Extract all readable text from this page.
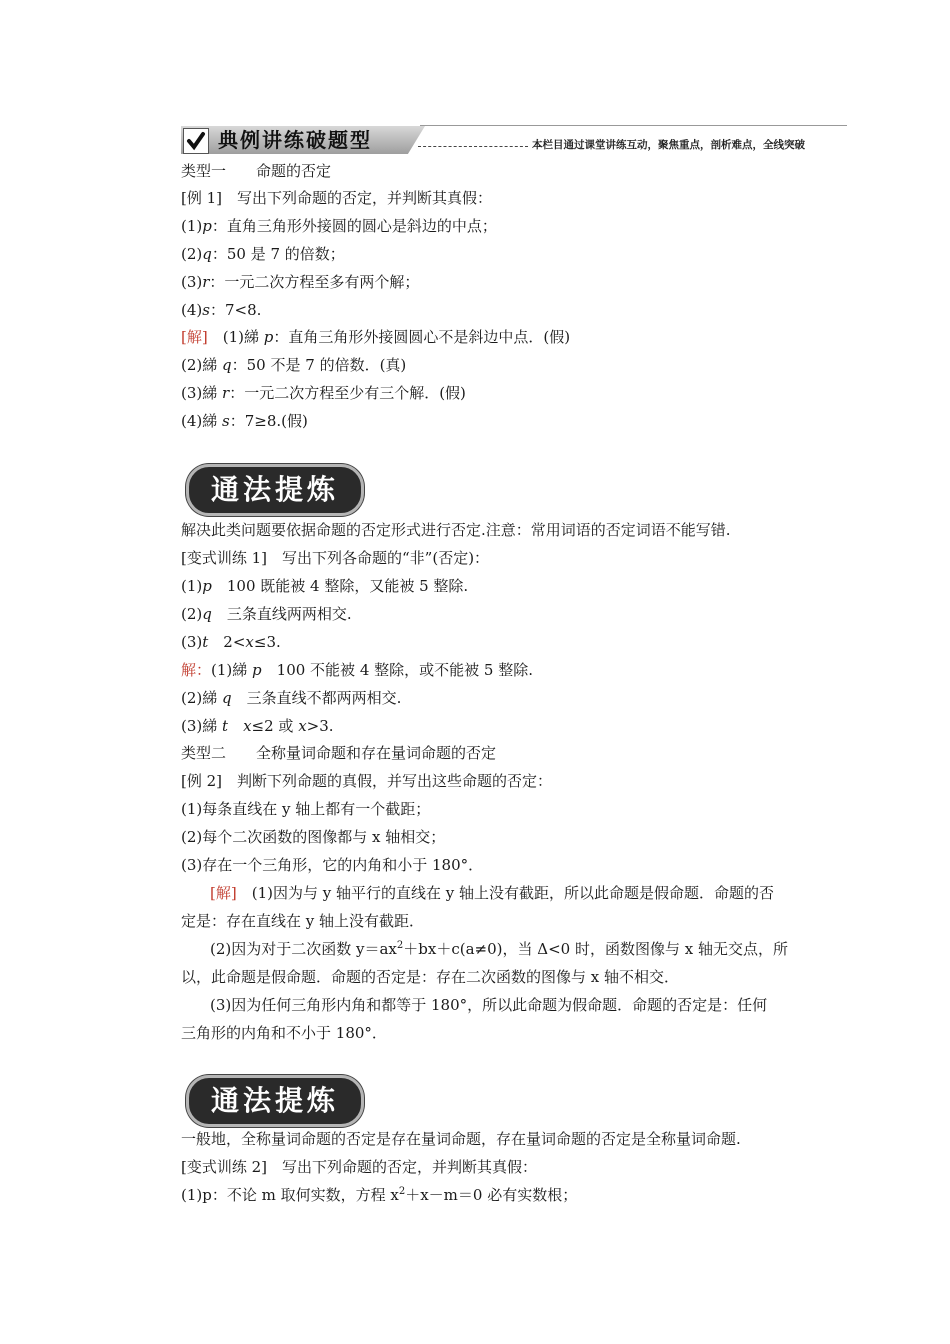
典例讲练破题型	本栏目通过课堂讲练互动，聚焦重点，剖析难点，全线突破
类型一　　命题的否定
[例 1]　写出下列命题的否定，并判断其真假：
(1)p：直角三角形外接圆的圆心是斜边的中点；
(2)q：50 是 7 的倍数；
(3)r：一元二次方程至多有两个解；
(4)s：7<8.
[解]　(1)綈 p：直角三角形外接圆圆心不是斜边中点．(假)
(2)綈 q：50 不是 7 的倍数．(真)
(3)綈 r：一元二次方程至少有三个解．(假)
(4)綈 s：7≥8.(假)
通法提炼
解决此类问题要依据命题的否定形式进行否定.注意：常用词语的否定词语不能写错.
[变式训练 1]　写出下列各命题的“非”(否定)：
(1)p　100 既能被 4 整除，又能被 5 整除.
(2)q　三条直线两两相交.
(3)t　2<x≤3.
解：(1)綈 p　100 不能被 4 整除，或不能被 5 整除.
(2)綈 q　三条直线不都两两相交.
(3)綈 t　 x≤2 或 x>3.
类型二　　全称量词命题和存在量词命题的否定
[例 2]　判断下列命题的真假，并写出这些命题的否定：
(1)每条直线在 y 轴上都有一个截距；
(2)每个二次函数的图像都与 x 轴相交；
(3)存在一个三角形，它的内角和小于 180°．
[解]　(1)因为与 y 轴平行的直线在 y 轴上没有截距，所以此命题是假命题．命题的否
定是：存在直线在 y 轴上没有截距．
(2)因为对于二次函数 $y=ax^2+bx+c(a\ne 0)$，当 Δ<0 时，函数图像与 x 轴无交点，所
以，此命题是假命题．命题的否定是：存在二次函数的图像与 x 轴不相交．
(3)因为任何三角形内角和都等于 180°，所以此命题为假命题．命题的否定是：任何
三角形的内角和不小于 180°．
通法提炼
一般地，全称量词命题的否定是存在量词命题，存在量词命题的否定是全称量词命题.
[变式训练 2]　写出下列命题的否定，并判断其真假：
(1)p：不论 m 取何实数，方程 $x^2+x-m=0$ 必有实数根；
